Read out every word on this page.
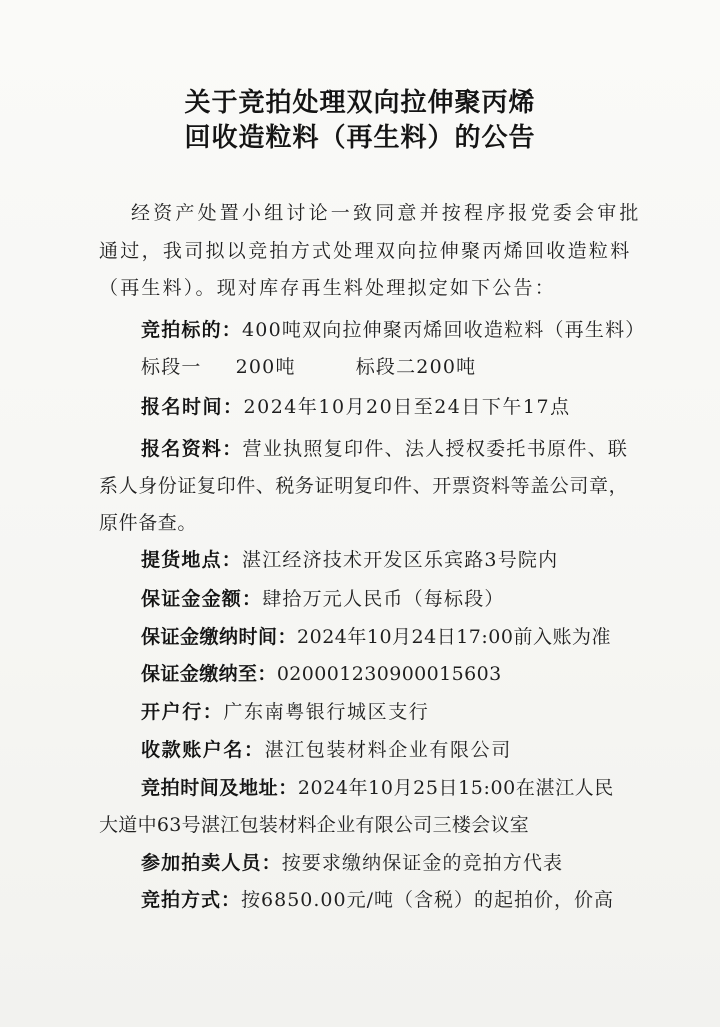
关于竞拍处理双向拉伸聚丙烯
回收造粒料（再生料）的公告
经资产处置小组讨论一致同意并按程序报党委会审批
通过，我司拟以竞拍方式处理双向拉伸聚丙烯回收造粒料
（再生料）。现对库存再生料处理拟定如下公告：
竞拍标的：400吨双向拉伸聚丙烯回收造粒料（再生料）
标段一 200吨	标段二200吨
报名时间：2024年10月20日至24日下午17点
报名资料：营业执照复印件、法人授权委托书原件、联
系人身份证复印件、税务证明复印件、开票资料等盖公司章，
原件备查。
提货地点：湛江经济技术开发区乐宾路3号院内
保证金金额：肆拾万元人民币（每标段）
保证金缴纳时间：2024年10月24日17:00前入账为准
保证金缴纳至：020001230900015603
开户行：广东南粤银行城区支行
收款账户名：湛江包装材料企业有限公司
竞拍时间及地址：2024年10月25日15:00在湛江人民
大道中63号湛江包装材料企业有限公司三楼会议室
参加拍卖人员：按要求缴纳保证金的竞拍方代表
竞拍方式：按6850.00元/吨（含税）的起拍价，价高
